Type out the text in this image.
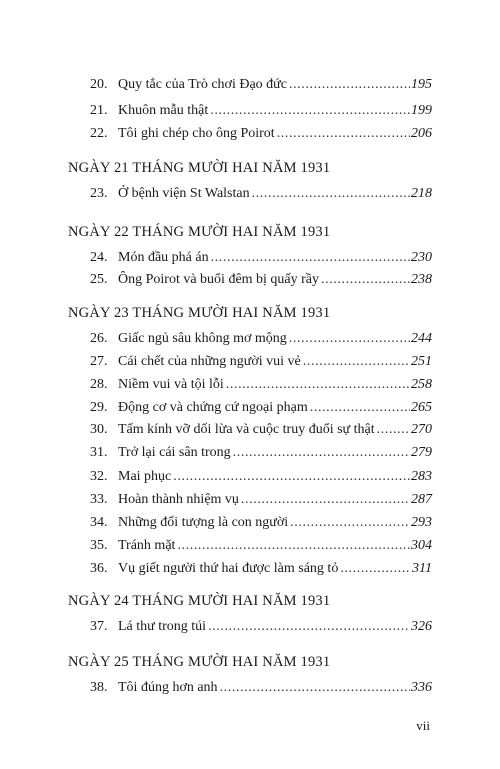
20. Quy tắc của Trò chơi Đạo đức .....	195
21. Khuôn mẫu thật .....	199
22. Tôi ghi chép cho ông Poirot .....	206
NGÀY 21 THÁNG MƯỜI HAI NĂM 1931
23. Ở bệnh viện St Walstan .....	218
NGÀY 22 THÁNG MƯỜI HAI NĂM 1931
24. Món đầu phá án .....	230
25. Ông Poirot và buổi đêm bị quấy rầy .....	238
NGÀY 23 THÁNG MƯỜI HAI NĂM 1931
26. Giấc ngủ sâu không mơ mộng .....	244
27. Cái chết của những người vui vẻ .....	251
28. Niềm vui và tội lỗi .....	258
29. Động cơ và chứng cứ ngoại phạm .....	265
30. Tấm kính vỡ dối lừa và cuộc truy đuổi sự thật .....	270
31. Trở lại cái sân trong .....	279
32. Mai phục .....	283
33. Hoàn thành nhiệm vụ .....	287
34. Những đối tượng là con người .....	293
35. Tránh mặt .....	304
36. Vụ giết người thứ hai được làm sáng tỏ .....	311
NGÀY 24 THÁNG MƯỜI HAI NĂM 1931
37. Lá thư trong túi .....	326
NGÀY 25 THÁNG MƯỜI HAI NĂM 1931
38. Tôi đúng hơn anh .....	336
vii
